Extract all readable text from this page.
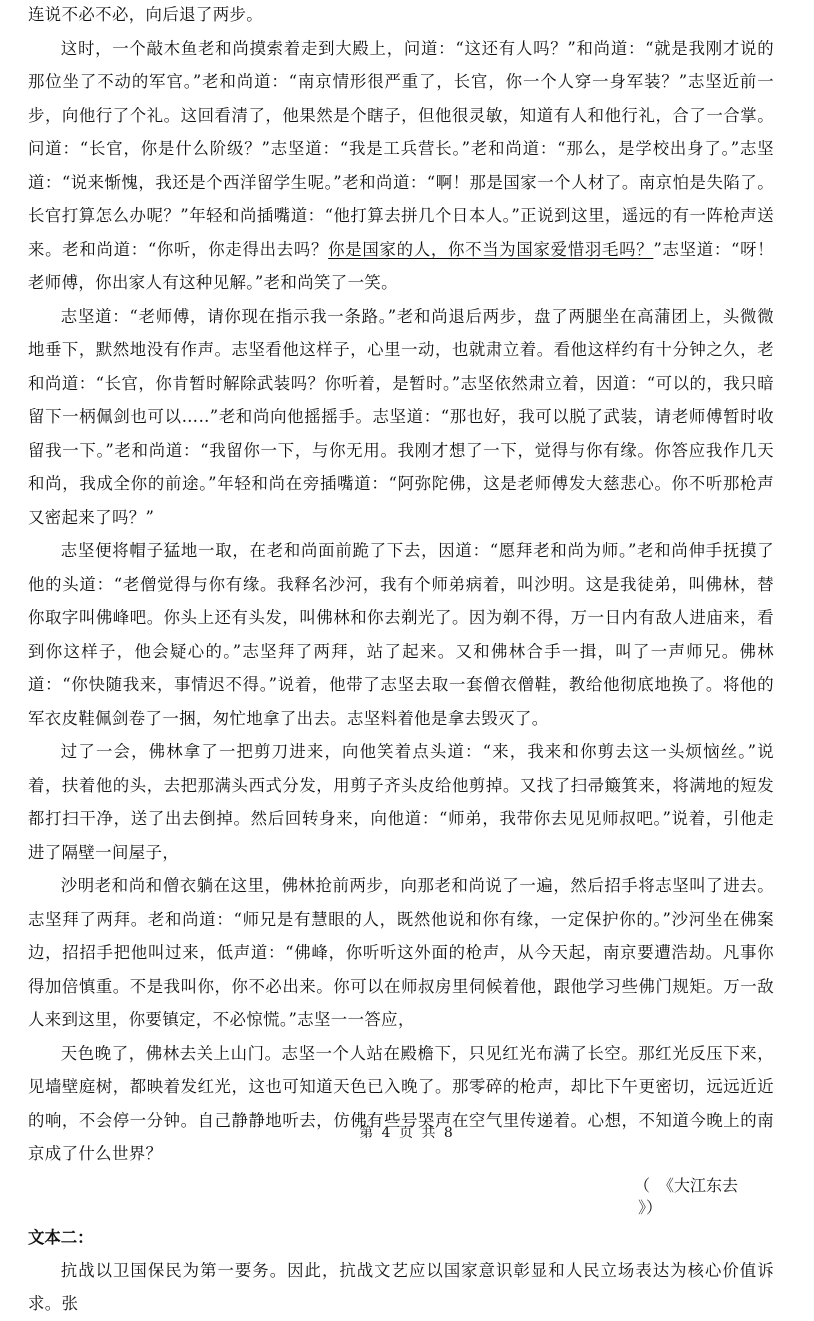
连说不必不必，向后退了两步。

这时，一个敲木鱼老和尚摸索着走到大殿上，问道：“这还有人吗？”和尚道：“就是我刚才说的那位坐了不动的军官。”老和尚道：“南京情形很严重了，长官，你一个人穿一身军装？”志坚近前一步，向他行了个礼。这回看清了，他果然是个瞎子，但他很灵敏，知道有人和他行礼，合了一合掌。问道：“长官，你是什么阶级？”志坚道：“我是工兵营长。”老和尚道：“那么，是学校出身了。”志坚道：“说来惭愧，我还是个西洋留学生呢。”老和尚道：“啊！那是国家一个人材了。南京怕是失陷了。长官打算怎么办呢？”年轻和尚插嘴道：“他打算去拼几个日本人。”正说到这里，遥远的有一阵枪声送来。老和尚道：“你听，你走得出去吗？你是国家的人，你不当为国家爱惜羽毛吗？”志坚道：“呀！老师傅，你出家人有这种见解。”老和尚笑了一笑。

志坚道：“老师傅，请你现在指示我一条路。”老和尚退后两步，盘了两腿坐在高蒲团上，头微微地垂下，默然地没有作声。志坚看他这样子，心里一动，也就肃立着。看他这样约有十分钟之久，老和尚道：“长官，你肯暂时解除武装吗？你听着，是暂时。”志坚依然肃立着，因道：“可以的，我只暗留下一柄佩剑也可以…‥”老和尚向他摇摇手。志坚道：“那也好，我可以脱了武装，请老师傅暂时收留我一下。”老和尚道：“我留你一下，与你无用。我刚才想了一下，觉得与你有缘。你答应我作几天和尚，我成全你的前途。”年轻和尚在旁插嘴道：“阿弥陀佛，这是老师傅发大慈悲心。你不听那枪声又密起来了吗？”

志坚便将帽子猛地一取，在老和尚面前跪了下去，因道：“愿拜老和尚为师。”老和尚伸手抚摸了他的头道：“老僧觉得与你有缘。我释名沙河，我有个师弟病着，叫沙明。这是我徒弟，叫佛林，替你取字叫佛峰吧。你头上还有头发，叫佛林和你去剃光了。因为剃不得，万一日内有敌人进庙来，看到你这样子，他会疑心的。”志坚拜了两拜，站了起来。又和佛林合手一揖，叫了一声师兄。佛林道：“你快随我来，事情迟不得。”说着，他带了志坚去取一套僧衣僧鞋，教给他彻底地换了。将他的军衣皮鞋佩剑卷了一捆，匆忙地拿了出去。志坚料着他是拿去毁灭了。

过了一会，佛林拿了一把剪刀进来，向他笑着点头道：“来，我来和你剪去这一头烦恼丝。”说着，扶着他的头，去把那满头西式分发，用剪子齐头皮给他剪掉。又找了扫帚簸箕来，将满地的短发都打扫干净，送了出去倒掉。然后回转身来，向他道：“师弟，我带你去见见师叔吧。”说着，引他走进了隔壁一间屋子，

沙明老和尚和僧衣躺在这里，佛林抢前两步，向那老和尚说了一遍，然后招手将志坚叫了进去。志坚拜了两拜。老和尚道：“师兄是有慧眼的人，既然他说和你有缘，一定保护你的。”沙河坐在佛案边，招招手把他叫过来，低声道：“佛峰，你听听这外面的枪声，从今天起，南京要遭浩劫。凡事你得加倍慎重。不是我叫你，你不必出来。你可以在师叔房里伺候着他，跟他学习些佛门规矩。万一敌人来到这里，你要镇定，不必惊慌。”志坚一一答应，

天色晚了，佛林去关上山门。志坚一个人站在殿檐下，只见红光布满了长空。那红光反压下来，见墙壁庭树，都映着发红光，这也可知道天色已入晚了。那零碎的枪声，却比下午更密切，远远近近的响，不会停一分钟。自己静静地听去，仿佛有些号哭声在空气里传递着。心想，不知道今晚上的南京成了什么世界？

（　《大江东去
》）

文本二：

抗战以卫国保民为第一要务。因此，抗战文艺应以国家意识彰显和人民立场表达为核心价值诉求。张

第 4 页 共 8
